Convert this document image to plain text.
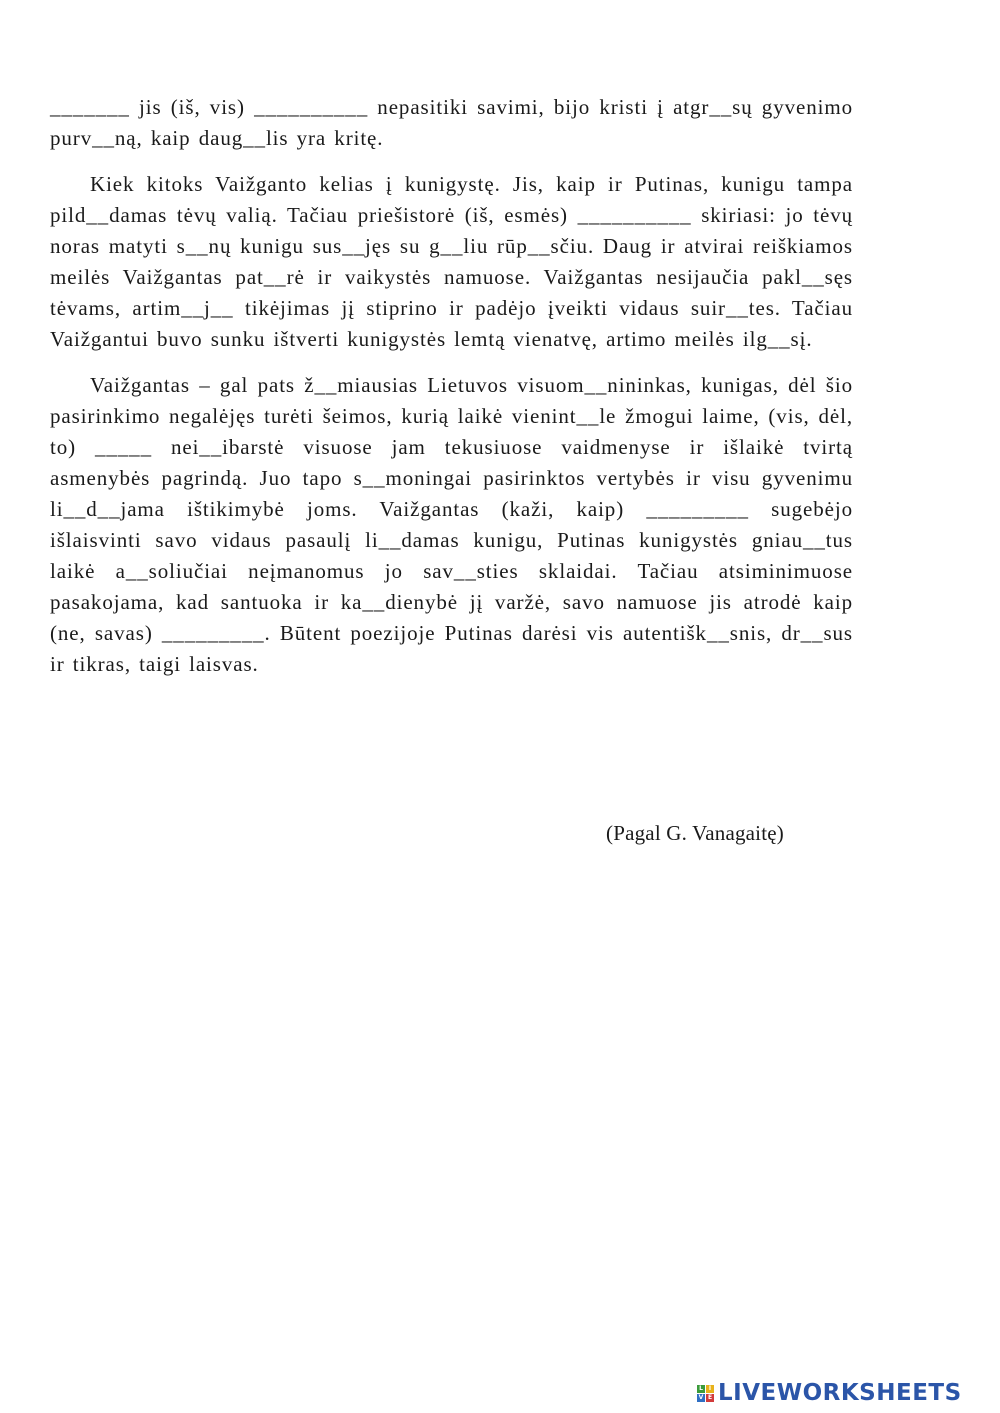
_______ jis (iš, vis) __________ nepasitiki savimi, bijo kristi į atgr__sų gyvenimo purv__ną, kaip daug__lis yra kritę.

Kiek kitoks Vaižganto kelias į kunigystę. Jis, kaip ir Putinas, kunigu tampa pild__damas tėvų valią. Tačiau priešistorė (iš, esmės) __________ skiriasi: jo tėvų noras matyti s__nų kunigu sus__jęs su g__liu rūp__sčiu. Daug ir atvirai reiškiamos meilės Vaižgantas pat__rė ir vaikystės namuose. Vaižgantas nesijaučia pakl__sęs tėvams, artim__j__ tikėjimas jį stiprino ir padėjo įveikti vidaus suir__tes. Tačiau Vaižgantui buvo sunku ištverti kunigystės lemtą vienatvę, artimo meilės ilg__sį.

Vaižgantas – gal pats ž__miausias Lietuvos visuom__nininkas, kunigas, dėl šio pasirinkimo negalėjęs turėti šeimos, kurią laikė vienint__le žmogui laime, (vis, dėl, to) _____ nei__ibarstė visuose jam tekusiuose vaidmenyse ir išlaikė tvirtą asmenybės pagrindą. Juo tapo s__moningai pasirinktos vertybės ir visu gyvenimu li__d__jama ištikimybė joms. Vaižgantas (kaži, kaip) _________ sugebėjo išlaisvinti savo vidaus pasaulį li__damas kunigu, Putinas kunigystės gniau__tus laikė a__soliučiai neįmanomus jo sav__sties sklaidai. Tačiau atsiminimuose pasakojama, kad santuoka ir ka__dienybė jį varžė, savo namuose jis atrodė kaip (ne, savas) _________. Būtent poezijoje Putinas darėsi vis autentišk__snis, dr__sus ir tikras, taigi laisvas.

(Pagal G. Vanagaitę)
L I
V E LIVEWORKSHEETS
